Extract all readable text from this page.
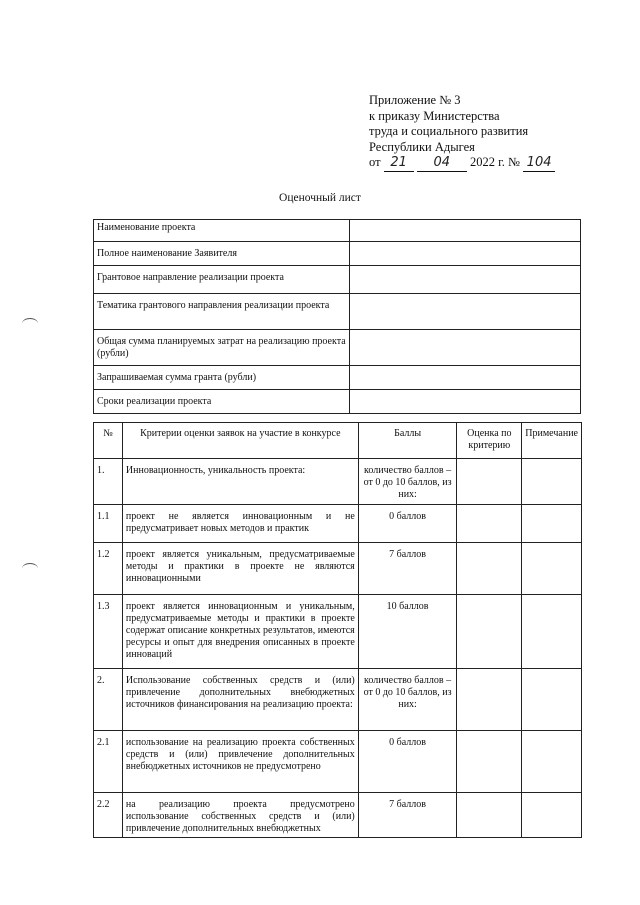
Приложение № 3
к приказу Министерства
труда и социального развития
Республики Адыгея
от 21 04 2022 г. № 104
Оценочный лист
Наименование проекта	
Полное наименование Заявителя	
Грантовое направление реализации проекта	
Тематика грантового направления реализации проекта	
Общая сумма планируемых затрат на реализацию проекта (рубли)	
Запрашиваемая сумма гранта (рубли)	
Сроки реализации проекта	
№	Критерии оценки заявок на участие в конкурсе	Баллы	Оценка по критерию	Примечание
1.	Инновационность, уникальность проекта:	количество баллов – от 0 до 10 баллов, из них:		
1.1	проект не является инновационным и не предусматривает новых методов и практик	0 баллов		
1.2	проект является уникальным, предусматриваемые методы и практики в проекте не являются инновационными	7 баллов		
1.3	проект является инновационным и уникальным, предусматриваемые методы и практики в проекте содержат описание конкретных результатов, имеются ресурсы и опыт для внедрения описанных в проекте инноваций	10 баллов		
2.	Использование собственных средств и (или) привлечение дополнительных внебюджетных источников финансирования на реализацию проекта:	количество баллов – от 0 до 10 баллов, из них:		
2.1	использование на реализацию проекта собственных средств и (или) привлечение дополнительных внебюджетных источников не предусмотрено	0 баллов		
2.2	на реализацию проекта предусмотрено использование собственных средств и (или) привлечение дополнительных внебюджетных	7 баллов		
